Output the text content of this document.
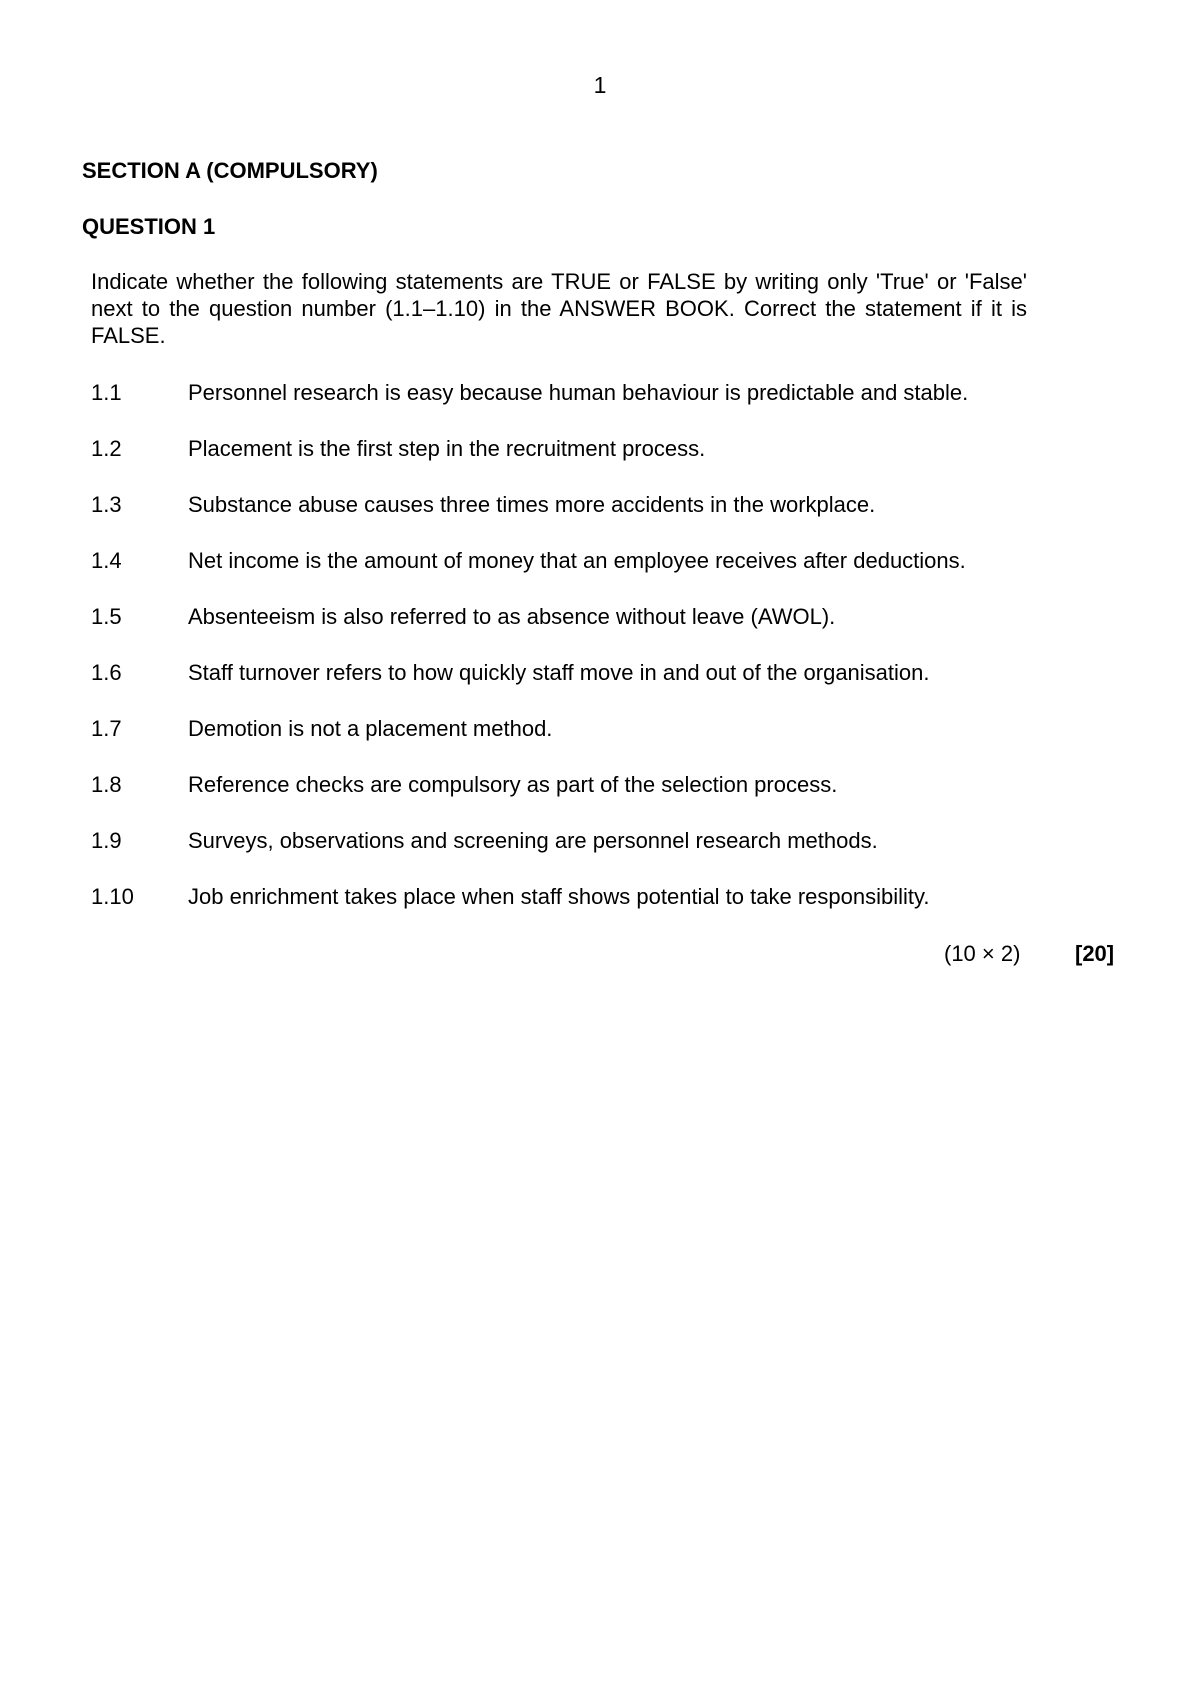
1
SECTION A (COMPULSORY)
QUESTION 1
Indicate whether the following statements are TRUE or FALSE by writing only 'True' or 'False' next to the question number (1.1–1.10) in the ANSWER BOOK. Correct the statement if it is FALSE.
1.1	Personnel research is easy because human behaviour is predictable and stable.
1.2	Placement is the first step in the recruitment process.
1.3	Substance abuse causes three times more accidents in the workplace.
1.4	Net income is the amount of money that an employee receives after deductions.
1.5	Absenteeism is also referred to as absence without leave (AWOL).
1.6	Staff turnover refers to how quickly staff move in and out of the organisation.
1.7	Demotion is not a placement method.
1.8	Reference checks are compulsory as part of the selection process.
1.9	Surveys, observations and screening are personnel research methods.
1.10	Job enrichment takes place when staff shows potential to take responsibility.
(10 × 2) [20]
